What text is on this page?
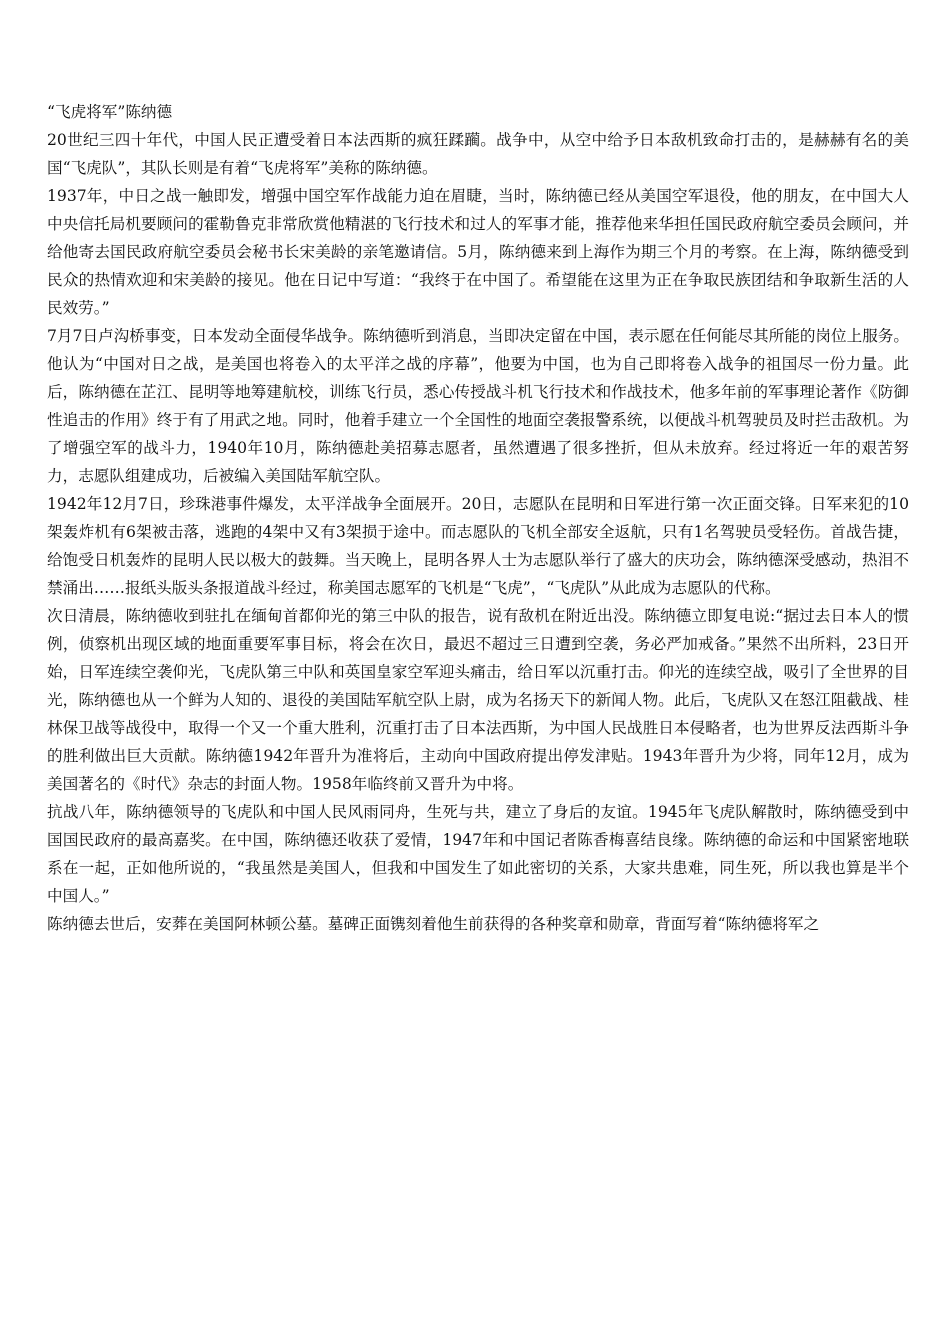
“飞虎将军”陈纳德

20世纪三四十年代，中国人民正遭受着日本法西斯的疯狂蹂躏。战争中，从空中给予日本敌机致命打击的，是赫赫有名的美国“飞虎队”，其队长则是有着“飞虎将军”美称的陈纳德。

1937年，中日之战一触即发，增强中国空军作战能力迫在眉睫，当时，陈纳德已经从美国空军退役，他的朋友，在中国大人中央信托局机要顾问的霍勒鲁克非常欣赏他精湛的飞行技术和过人的军事才能，推荐他来华担任国民政府航空委员会顾问，并给他寄去国民政府航空委员会秘书长宋美龄的亲笔邀请信。5月，陈纳德来到上海作为期三个月的考察。在上海，陈纳德受到民众的热情欢迎和宋美龄的接见。他在日记中写道：“我终于在中国了。希望能在这里为正在争取民族团结和争取新生活的人民效劳。”

7月7日卢沟桥事变，日本发动全面侵华战争。陈纳德听到消息，当即决定留在中国，表示愿在任何能尽其所能的岗位上服务。他认为“中国对日之战，是美国也将卷入的太平洋之战的序幕”，他要为中国，也为自己即将卷入战争的祖国尽一份力量。此后，陈纳德在芷江、昆明等地筹建航校，训练飞行员，悉心传授战斗机飞行技术和作战技术，他多年前的军事理论著作《防御性追击的作用》终于有了用武之地。同时，他着手建立一个全国性的地面空袭报警系统，以便战斗机驾驶员及时拦击敌机。为了增强空军的战斗力，1940年10月，陈纳德赴美招募志愿者，虽然遭遇了很多挫折，但从未放弃。经过将近一年的艰苦努力，志愿队组建成功，后被编入美国陆军航空队。

1942年12月7日，珍珠港事件爆发，太平洋战争全面展开。20日，志愿队在昆明和日军进行第一次正面交锋。日军来犯的10架轰炸机有6架被击落，逃跑的4架中又有3架损于途中。而志愿队的飞机全部安全返航，只有1名驾驶员受轻伤。首战告捷，给饱受日机轰炸的昆明人民以极大的鼓舞。当天晚上，昆明各界人士为志愿队举行了盛大的庆功会，陈纳德深受感动，热泪不禁涌出……报纸头版头条报道战斗经过，称美国志愿军的飞机是“飞虎”，“飞虎队”从此成为志愿队的代称。

次日清晨，陈纳德收到驻扎在缅甸首都仰光的第三中队的报告，说有敌机在附近出没。陈纳德立即复电说:“据过去日本人的惯例，侦察机出现区域的地面重要军事目标，将会在次日，最迟不超过三日遭到空袭，务必严加戒备。”果然不出所料，23日开始，日军连续空袭仰光，飞虎队第三中队和英国皇家空军迎头痛击，给日军以沉重打击。仰光的连续空战，吸引了全世界的目光，陈纳德也从一个鲜为人知的、退役的美国陆军航空队上尉，成为名扬天下的新闻人物。此后，飞虎队又在怒江阻截战、桂林保卫战等战役中，取得一个又一个重大胜利，沉重打击了日本法西斯，为中国人民战胜日本侵略者，也为世界反法西斯斗争的胜利做出巨大贡献。陈纳德1942年晋升为准将后，主动向中国政府提出停发津贴。1943年晋升为少将，同年12月，成为美国著名的《时代》杂志的封面人物。1958年临终前又晋升为中将。

抗战八年，陈纳德领导的飞虎队和中国人民风雨同舟，生死与共，建立了身后的友谊。1945年飞虎队解散时，陈纳德受到中国国民政府的最高嘉奖。在中国，陈纳德还收获了爱情，1947年和中国记者陈香梅喜结良缘。陈纳德的命运和中国紧密地联系在一起，正如他所说的，“我虽然是美国人，但我和中国发生了如此密切的关系，大家共患难，同生死，所以我也算是半个中国人。”

陈纳德去世后，安葬在美国阿林顿公墓。墓碑正面镌刻着他生前获得的各种奖章和勋章，背面写着“陈纳德将军之
